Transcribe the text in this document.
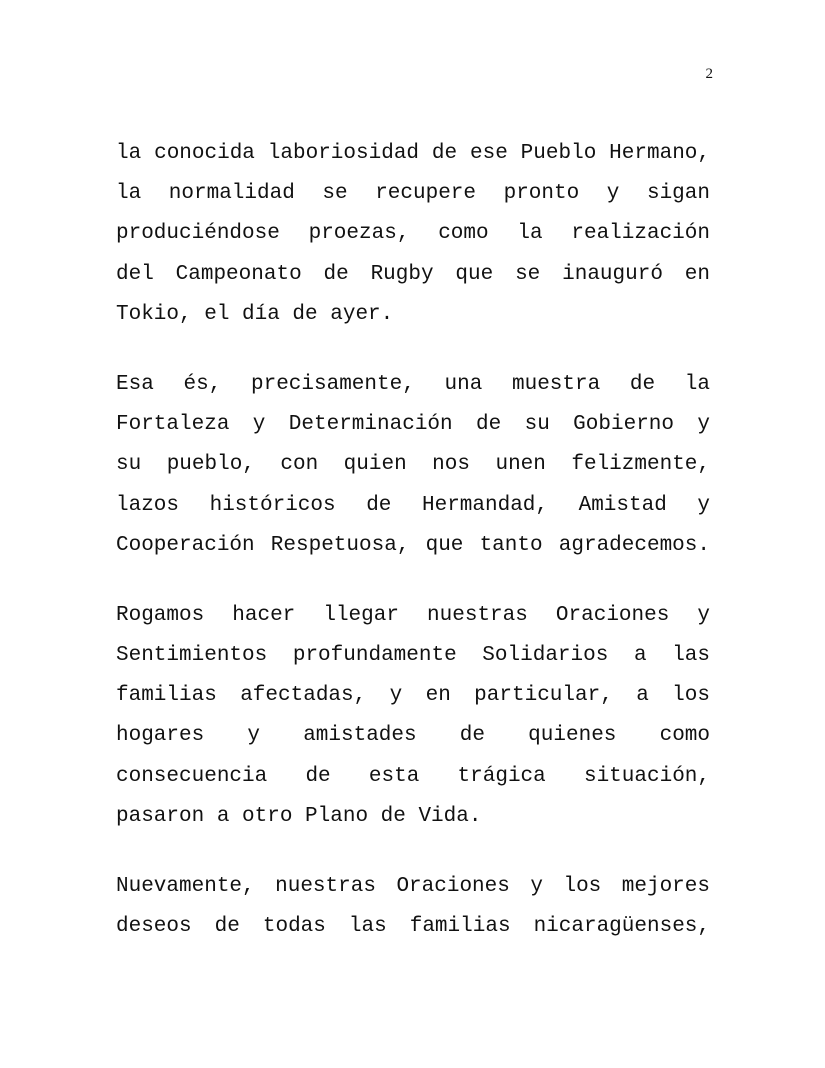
2
la conocida laboriosidad de ese Pueblo Hermano,
la normalidad se recupere pronto y sigan
produciéndose proezas, como la realización
del Campeonato de Rugby que se inauguró en
Tokio, el día de ayer.
Esa és, precisamente, una muestra de la
Fortaleza y Determinación de su Gobierno y
su pueblo, con quien nos unen felizmente,
lazos históricos de Hermandad, Amistad y
Cooperación Respetuosa, que tanto agradecemos.
Rogamos hacer llegar nuestras Oraciones y
Sentimientos profundamente Solidarios a las
familias afectadas, y en particular, a los
hogares y amistades de quienes como
consecuencia de esta trágica situación,
pasaron a otro Plano de Vida.
Nuevamente, nuestras Oraciones y los mejores
deseos de todas las familias nicaragüenses,
